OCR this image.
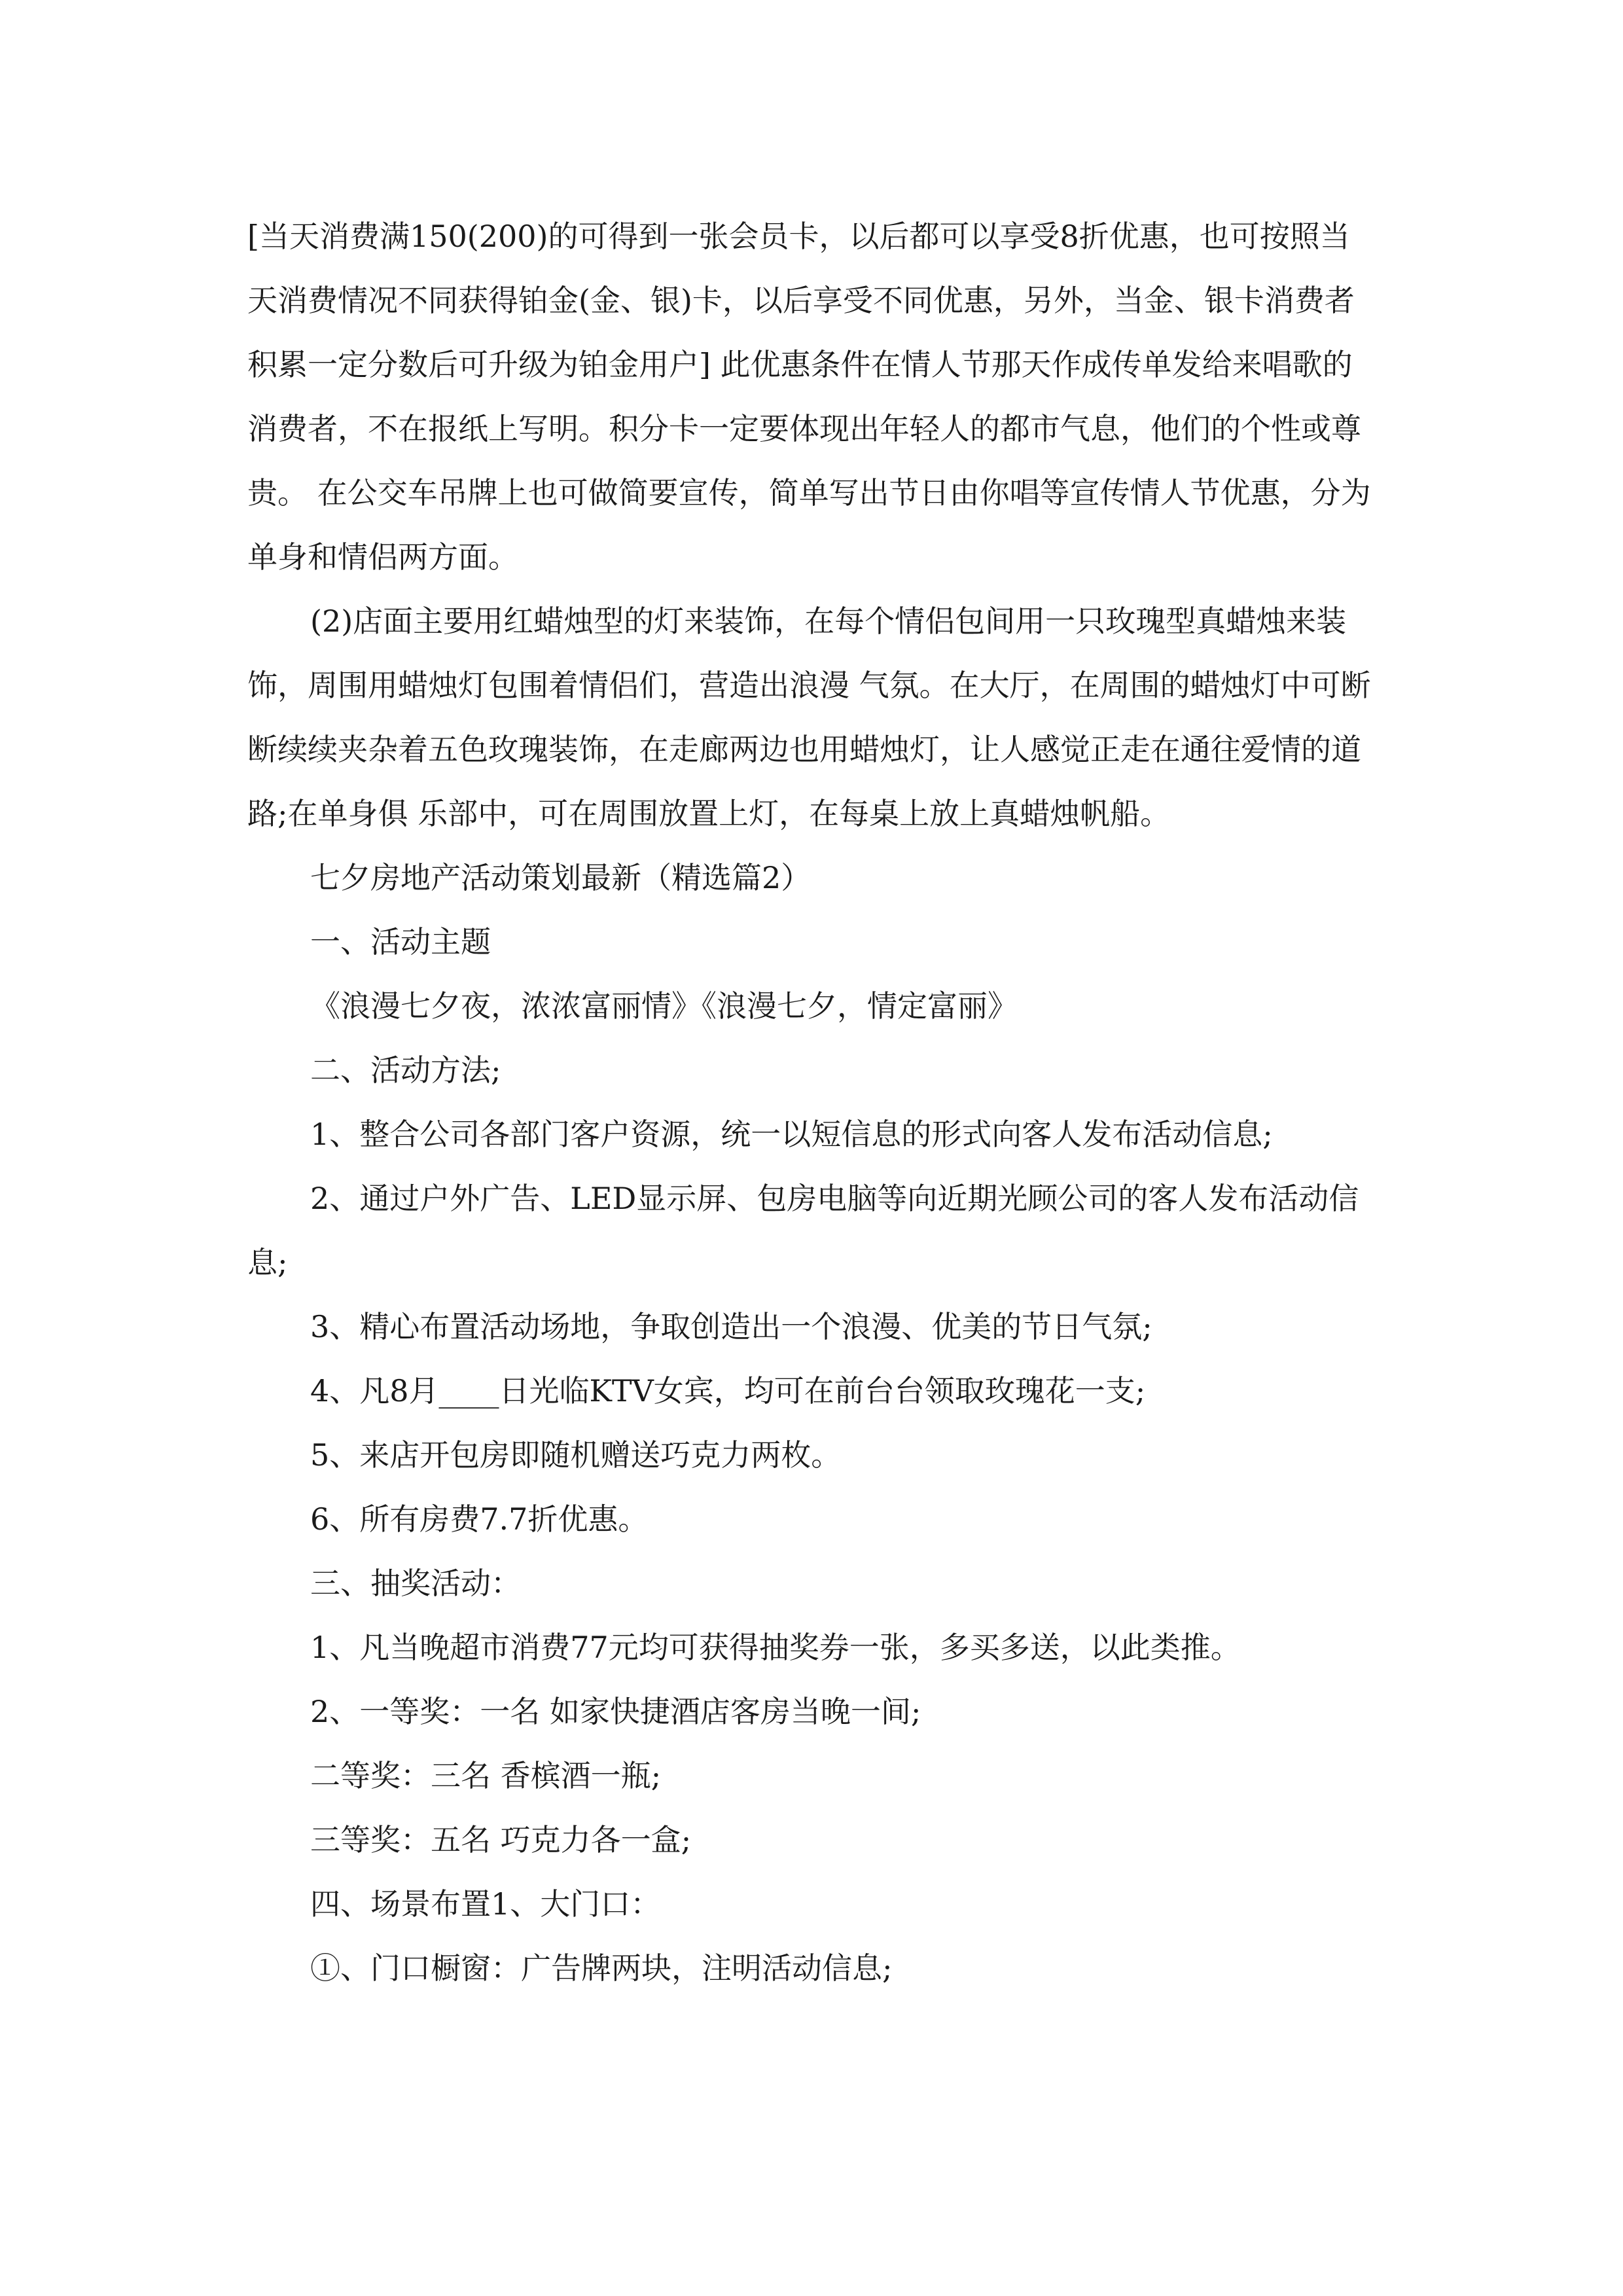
[当天消费满150(200)的可得到一张会员卡，以后都可以享受8折优惠，也可按照当天消费情况不同获得铂金(金、银)卡，以后享受不同优惠，另外，当金、银卡消费者积累一定分数后可升级为铂金用户] 此优惠条件在情人节那天作成传单发给来唱歌的消费者，不在报纸上写明。积分卡一定要体现出年轻人的都市气息，他们的个性或尊贵。 在公交车吊牌上也可做简要宣传，简单写出节日由你唱等宣传情人节优惠，分为单身和情侣两方面。

(2)店面主要用红蜡烛型的灯来装饰，在每个情侣包间用一只玫瑰型真蜡烛来装饰，周围用蜡烛灯包围着情侣们，营造出浪漫 气氛。在大厅，在周围的蜡烛灯中可断断续续夹杂着五色玫瑰装饰，在走廊两边也用蜡烛灯，让人感觉正走在通往爱情的道路;在单身俱 乐部中，可在周围放置上灯，在每桌上放上真蜡烛帆船。

七夕房地产活动策划最新（精选篇2）

一、活动主题

《浪漫七夕夜，浓浓富丽情》《浪漫七夕，情定富丽》

二、活动方法;

1、整合公司各部门客户资源，统一以短信息的形式向客人发布活动信息;

2、通过户外广告、LED显示屏、包房电脑等向近期光顾公司的客人发布活动信息;

3、精心布置活动场地，争取创造出一个浪漫、优美的节日气氛;

4、凡8月____日光临KTV女宾，均可在前台台领取玫瑰花一支;

5、来店开包房即随机赠送巧克力两枚。

6、所有房费7.7折优惠。

三、抽奖活动：

1、凡当晚超市消费77元均可获得抽奖券一张，多买多送，以此类推。

2、一等奖：一名 如家快捷酒店客房当晚一间;

二等奖：三名 香槟酒一瓶;

三等奖：五名 巧克力各一盒;

四、场景布置1、大门口：

①、门口橱窗：广告牌两块，注明活动信息;
